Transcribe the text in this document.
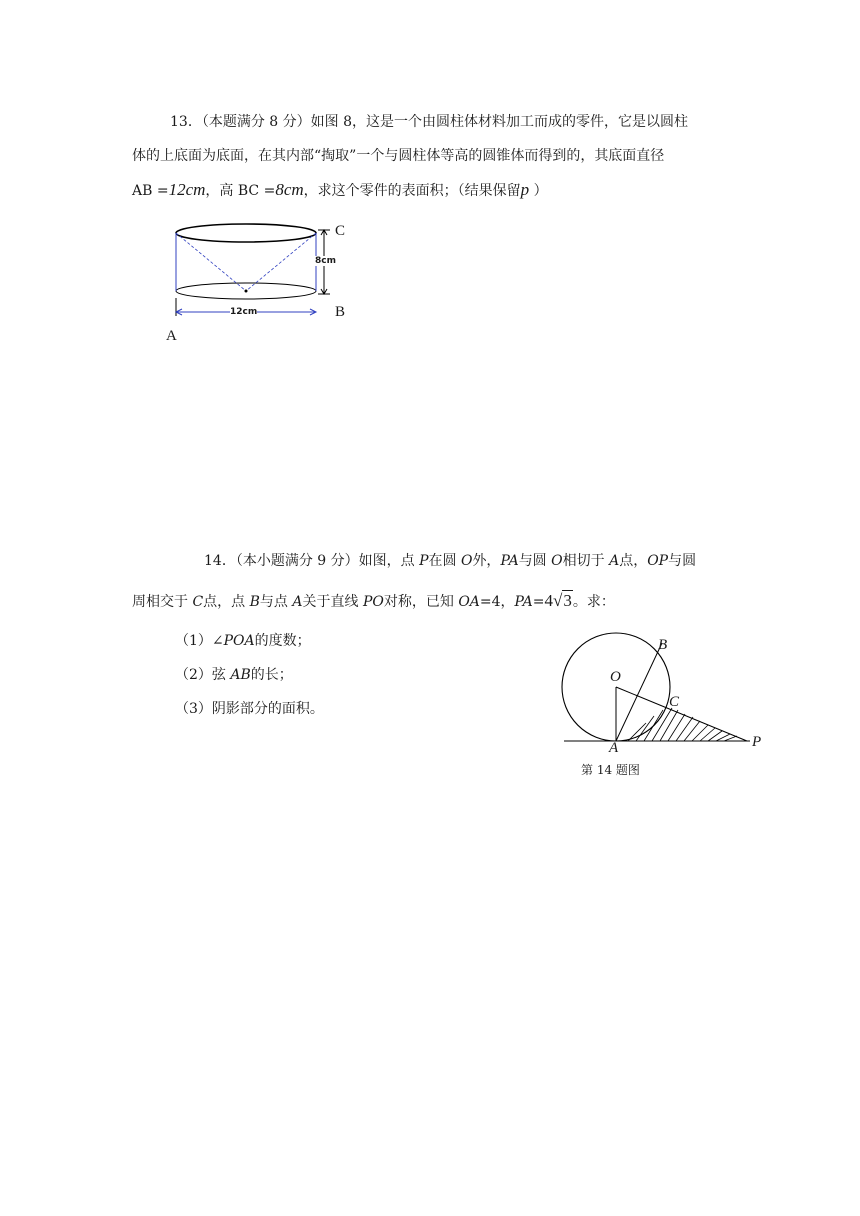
13．（本题满分 8 分）如图 8，这是一个由圆柱体材料加工而成的零件，它是以圆柱
体的上底面为底面，在其内部“掏取”一个与圆柱体等高的圆锥体而得到的，其底面直径
AB =12cm，高 BC =8cm，求这个零件的表面积；（结果保留p ）
8cm
12cm
C
B
A
14．（本小题满分 9 分）如图，点 P在圆 O外，PA与圆 O相切于 A点，OP与圆
周相交于 C点，点 B与点 A关于直线 PO对称，已知 OA=4，PA=4√3。求：
（1）∠POA的度数；
（2）弦 AB的长；
（3）阴影部分的面积。
B
O
C
A	P
第 14 题图
